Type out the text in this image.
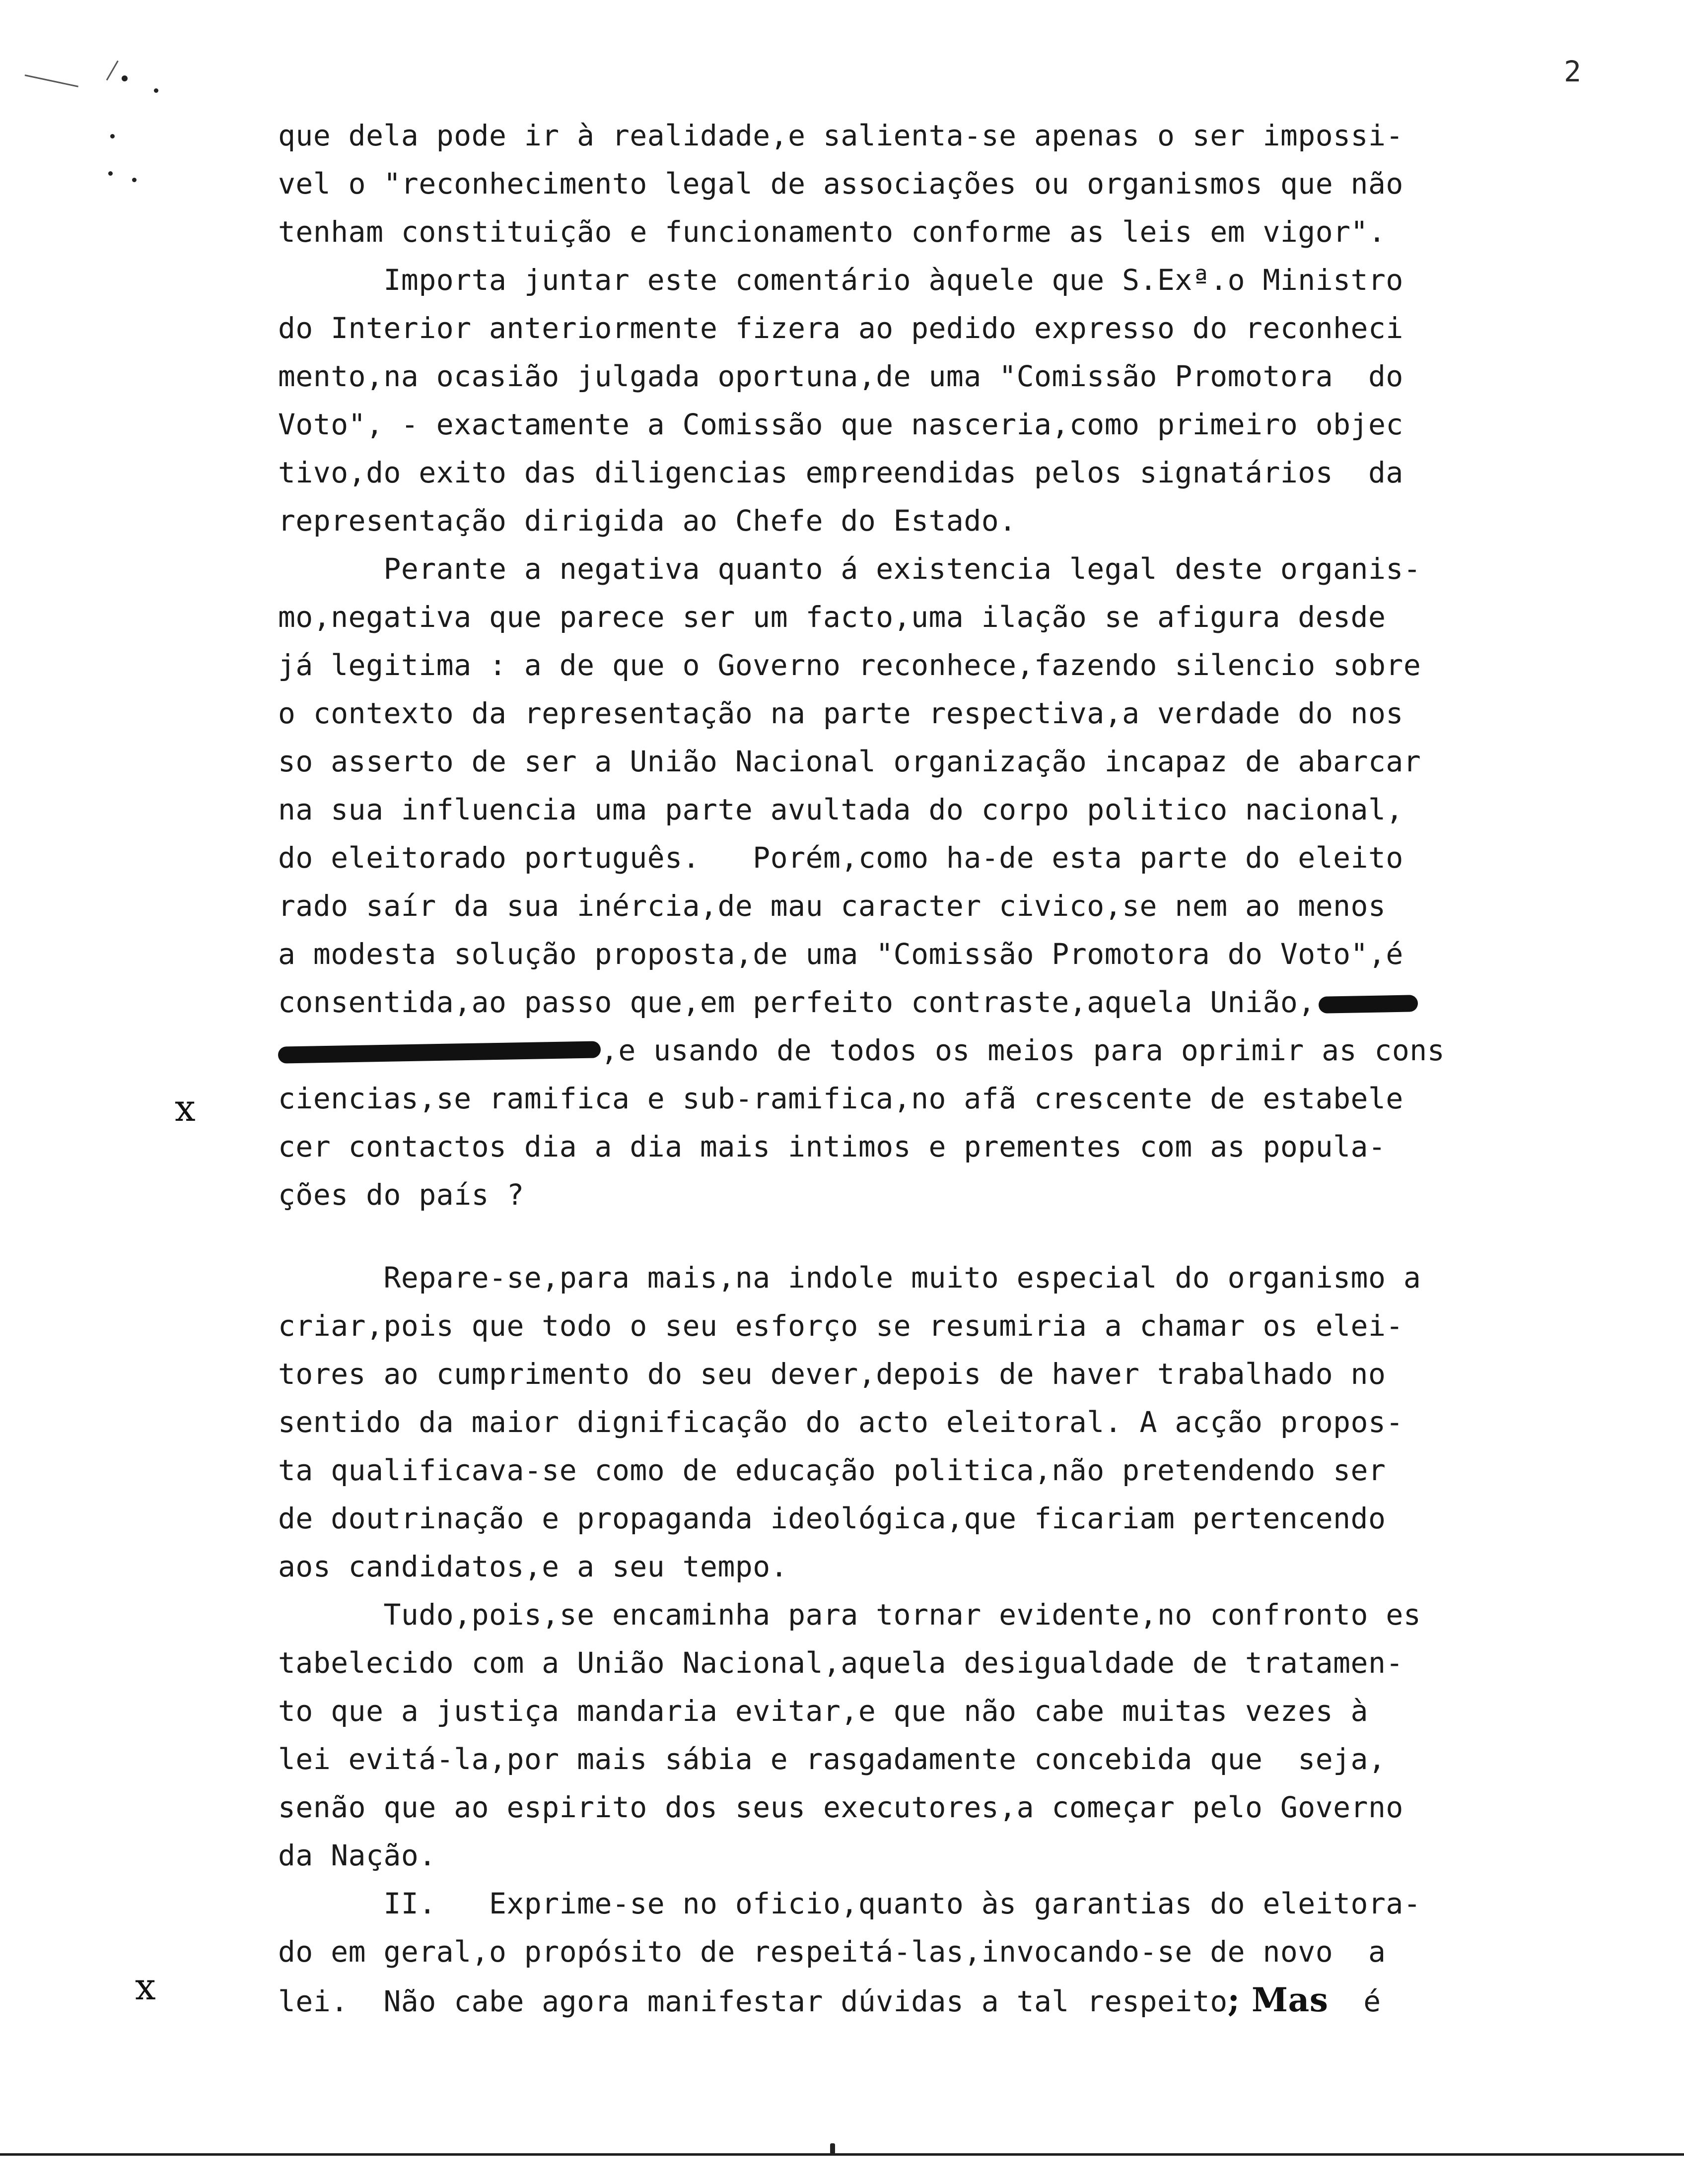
2
x
x
que dela pode ir à realidade,e salienta-se apenas o ser impossi-
vel o "reconhecimento legal de associações ou organismos que não
tenham constituição e funcionamento conforme as leis em vigor".
Importa juntar este comentário àquele que S.Exª.o Ministro
do Interior anteriormente fizera ao pedido expresso do reconheci
mento,na ocasião julgada oportuna,de uma "Comissão Promotora  do
Voto", - exactamente a Comissão que nasceria,como primeiro objec
tivo,do exito das diligencias empreendidas pelos signatários  da
representação dirigida ao Chefe do Estado.
Perante a negativa quanto á existencia legal deste organis-
mo,negativa que parece ser um facto,uma ilação se afigura desde
já legitima : a de que o Governo reconhece,fazendo silencio sobre
o contexto da representação na parte respectiva,a verdade do nos
so asserto de ser a União Nacional organização incapaz de abarcar
na sua influencia uma parte avultada do corpo politico nacional,
do eleitorado português.   Porém,como ha-de esta parte do eleito
rado saír da sua inércia,de mau caracter civico,se nem ao menos
a modesta solução proposta,de uma "Comissão Promotora do Voto",é
consentida,ao passo que,em perfeito contraste,aquela União,
,e usando de todos os meios para oprimir as cons
ciencias,se ramifica e sub-ramifica,no afã crescente de estabele
cer contactos dia a dia mais intimos e prementes com as popula-
ções do país ?
Repare-se,para mais,na indole muito especial do organismo a
criar,pois que todo o seu esforço se resumiria a chamar os elei-
tores ao cumprimento do seu dever,depois de haver trabalhado no
sentido da maior dignificação do acto eleitoral. A acção propos-
ta qualificava-se como de educação politica,não pretendendo ser
de doutrinação e propaganda ideológica,que ficariam pertencendo
aos candidatos,e a seu tempo.
Tudo,pois,se encaminha para tornar evidente,no confronto es
tabelecido com a União Nacional,aquela desigualdade de tratamen-
to que a justiça mandaria evitar,e que não cabe muitas vezes à
lei evitá-la,por mais sábia e rasgadamente concebida que  seja,
senão que ao espirito dos seus executores,a começar pelo Governo
da Nação.
II.   Exprime-se no oficio,quanto às garantias do eleitora-
do em geral,o propósito de respeitá-las,invocando-se de novo  a
lei.  Não cabe agora manifestar dúvidas a tal respeito; Mas  é
